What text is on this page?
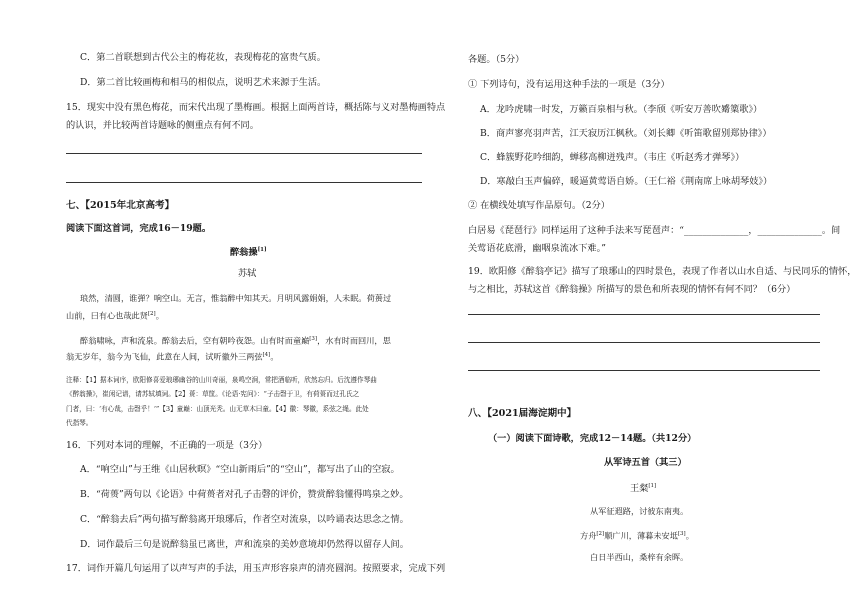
C．第二首联想到古代公主的梅花妆，表现梅花的富贵气质。
D．第二首比较画梅和相马的相似点，说明艺术来源于生活。
15．现实中没有黑色梅花，而宋代出现了墨梅画。根据上面两首诗，概括陈与义对墨梅画特点
的认识，并比较两首诗题咏的侧重点有何不同。
七、【2015年北京高考】
阅读下面这首词，完成16－19题。
醉翁操[1]
苏轼
琅然，清圆，谁弹？响空山。无言，惟翁醉中知其天。月明风露娟娟，人未眠。荷蒉过
山前，曰有心也哉此贤[2]。
醉翁啸咏，声和流泉。醉翁去后，空有朝吟夜怨。山有时而童巅[3]，水有时而回川，思
翁无岁年，翁今为飞仙，此意在人间，试听徽外三两弦[4]。
注释：【1】据本词序，欧阳修喜爱琅琊幽谷的山川奇丽，泉鸣空涧，常把酒临听，欣然忘归。后沈遵作琴曲
《醉翁操》，崔闲记谱，请苏轼填词。【2】蒉：草筐。《论语·宪问》：“子击磬于卫，有荷蒉而过孔氏之
门者，曰：‘有心哉，击磬乎！’”【3】童巅：山顶光秃。山无草木曰童。【4】徽：琴徽，系弦之绳。此处
代指琴。
16．下列对本词的理解，不正确的一项是（3分）
A．“响空山”与王维《山居秋暝》“空山新雨后”的“空山”，都写出了山的空寂。
B．“荷蒉”两句以《论语》中荷蒉者对孔子击磬的评价，赞赏醉翁懂得鸣泉之妙。
C．“醉翁去后”两句描写醉翁离开琅琊后，作者空对流泉，以吟诵表达思念之情。
D．词作最后三句是说醉翁虽已离世，声和流泉的美妙意境却仍然得以留存人间。
17．词作开篇几句运用了以声写声的手法，用玉声形容泉声的清亮圆润。按照要求，完成下列
各题。（5分）
① 下列诗句，没有运用这种手法的一项是（3分）
A．龙吟虎啸一时发，万籁百泉相与秋。（李颀《听安万善吹觱篥歌》）
B．商声寥亮羽声苦，江天寂历江枫秋。（刘长卿《听笛歌留别郑协律》）
C．蜂簇野花吟细韵，蝉移高柳迸残声。（韦庄《听赵秀才弹琴》）
D．寒敲白玉声偏碎，暖逼黄莺语自娇。（王仁裕《荆南席上咏胡琴妓》）
② 在横线处填写作品原句。（2分）
白居易《琵琶行》同样运用了这种手法来写琵琶声：“______________，______________。间
关莺语花底滑，幽咽泉流冰下难。”
19．欧阳修《醉翁亭记》描写了琅琊山的四时景色，表现了作者以山水自适、与民同乐的情怀，
与之相比，苏轼这首《醉翁操》所描写的景色和所表现的情怀有何不同？（6分）
八、【2021届海淀期中】
（一）阅读下面诗歌，完成12－14题。（共12分）
从军诗五首（其三）
王粲[1]
从军征遐路，讨彼东南夷。
方舟[2]顺广川，薄暮未安坻[3]。
白日半西山，桑梓有余晖。
